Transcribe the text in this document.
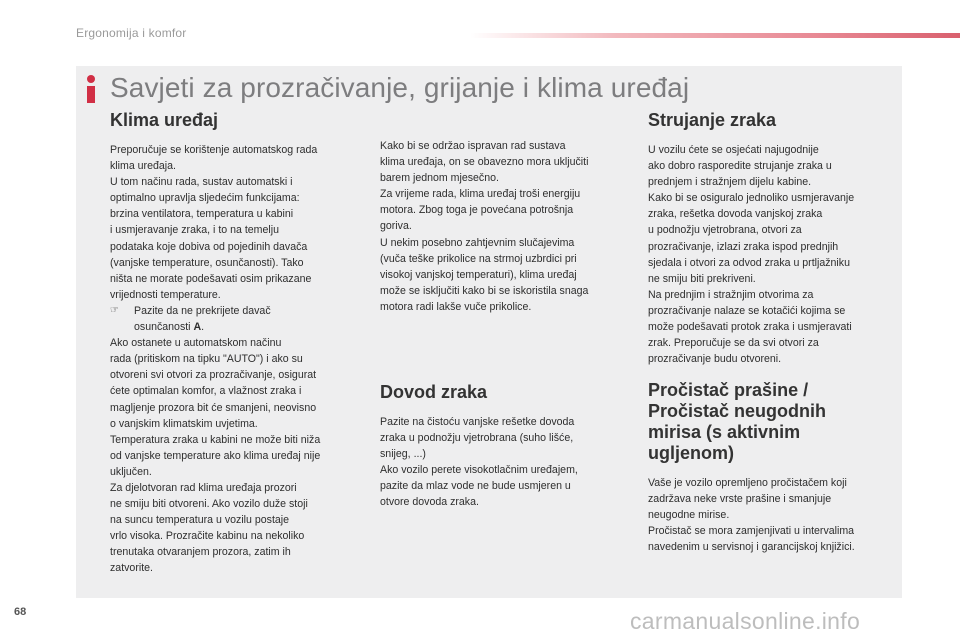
Ergonomija i komfor
Savjeti za prozračivanje, grijanje i klima uređaj
Klima uređaj

Preporučuje se korištenje automatskog rada
klima uređaja.
U tom načinu rada, sustav automatski i
optimalno upravlja sljedećim funkcijama:
brzina ventilatora, temperatura u kabini
i usmjeravanje zraka, i to na temelju
podataka koje dobiva od pojedinih davača
(vanjske temperature, osunčanosti). Tako
ništa ne morate podešavati osim prikazane
vrijednosti temperature.

☞	Pazite da ne prekrijete davač
osunčanosti A.

Ako ostanete u automatskom načinu
rada (pritiskom na tipku "AUTO") i ako su
otvoreni svi otvori za prozračivanje, osigurat
ćete optimalan komfor, a vlažnost zraka i
magljenje prozora bit će smanjeni, neovisno
o vanjskim klimatskim uvjetima.
Temperatura zraka u kabini ne može biti niža
od vanjske temperature ako klima uređaj nije
uključen.
Za djelotvoran rad klima uređaja prozori
ne smiju biti otvoreni. Ako vozilo duže stoji
na suncu temperatura u vozilu postaje
vrlo visoka. Prozračite kabinu na nekoliko
trenutaka otvaranjem prozora, zatim ih
zatvorite.

Kako bi se održao ispravan rad sustava
klima uređaja, on se obavezno mora uključiti
barem jednom mjesečno.
Za vrijeme rada, klima uređaj troši energiju
motora. Zbog toga je povećana potrošnja
goriva.
U nekim posebno zahtjevnim slučajevima
(vuča teške prikolice na strmoj uzbrdici pri
visokoj vanjskoj temperaturi), klima uređaj
može se isključiti kako bi se iskoristila snaga
motora radi lakše vuče prikolice.

Dovod zraka

Pazite na čistoću vanjske rešetke dovoda
zraka u podnožju vjetrobrana (suho lišće,
snijeg, ...)
Ako vozilo perete visokotlačnim uređajem,
pazite da mlaz vode ne bude usmjeren u
otvore dovoda zraka.

Strujanje zraka

U vozilu ćete se osjećati najugodnije
ako dobro rasporedite strujanje zraka u
prednjem i stražnjem dijelu kabine.
Kako bi se osiguralo jednoliko usmjeravanje
zraka, rešetka dovoda vanjskoj zraka
u podnožju vjetrobrana, otvori za
prozračivanje, izlazi zraka ispod prednjih
sjedala i otvori za odvod zraka u prtljažniku
ne smiju biti prekriveni.
Na prednjim i stražnjim otvorima za
prozračivanje nalaze se kotačići kojima se
može podešavati protok zraka i usmjeravati
zrak. Preporučuje se da svi otvori za
prozračivanje budu otvoreni.

Pročistač prašine /
Pročistač neugodnih
mirisa (s aktivnim
ugljenom)

Vaše je vozilo opremljeno pročistačem koji
zadržava neke vrste prašine i smanjuje
neugodne mirise.
Pročistač se mora zamjenjivati u intervalima
navedenim u servisnoj i garancijskoj knjižici.

68	carmanualsonline.info
